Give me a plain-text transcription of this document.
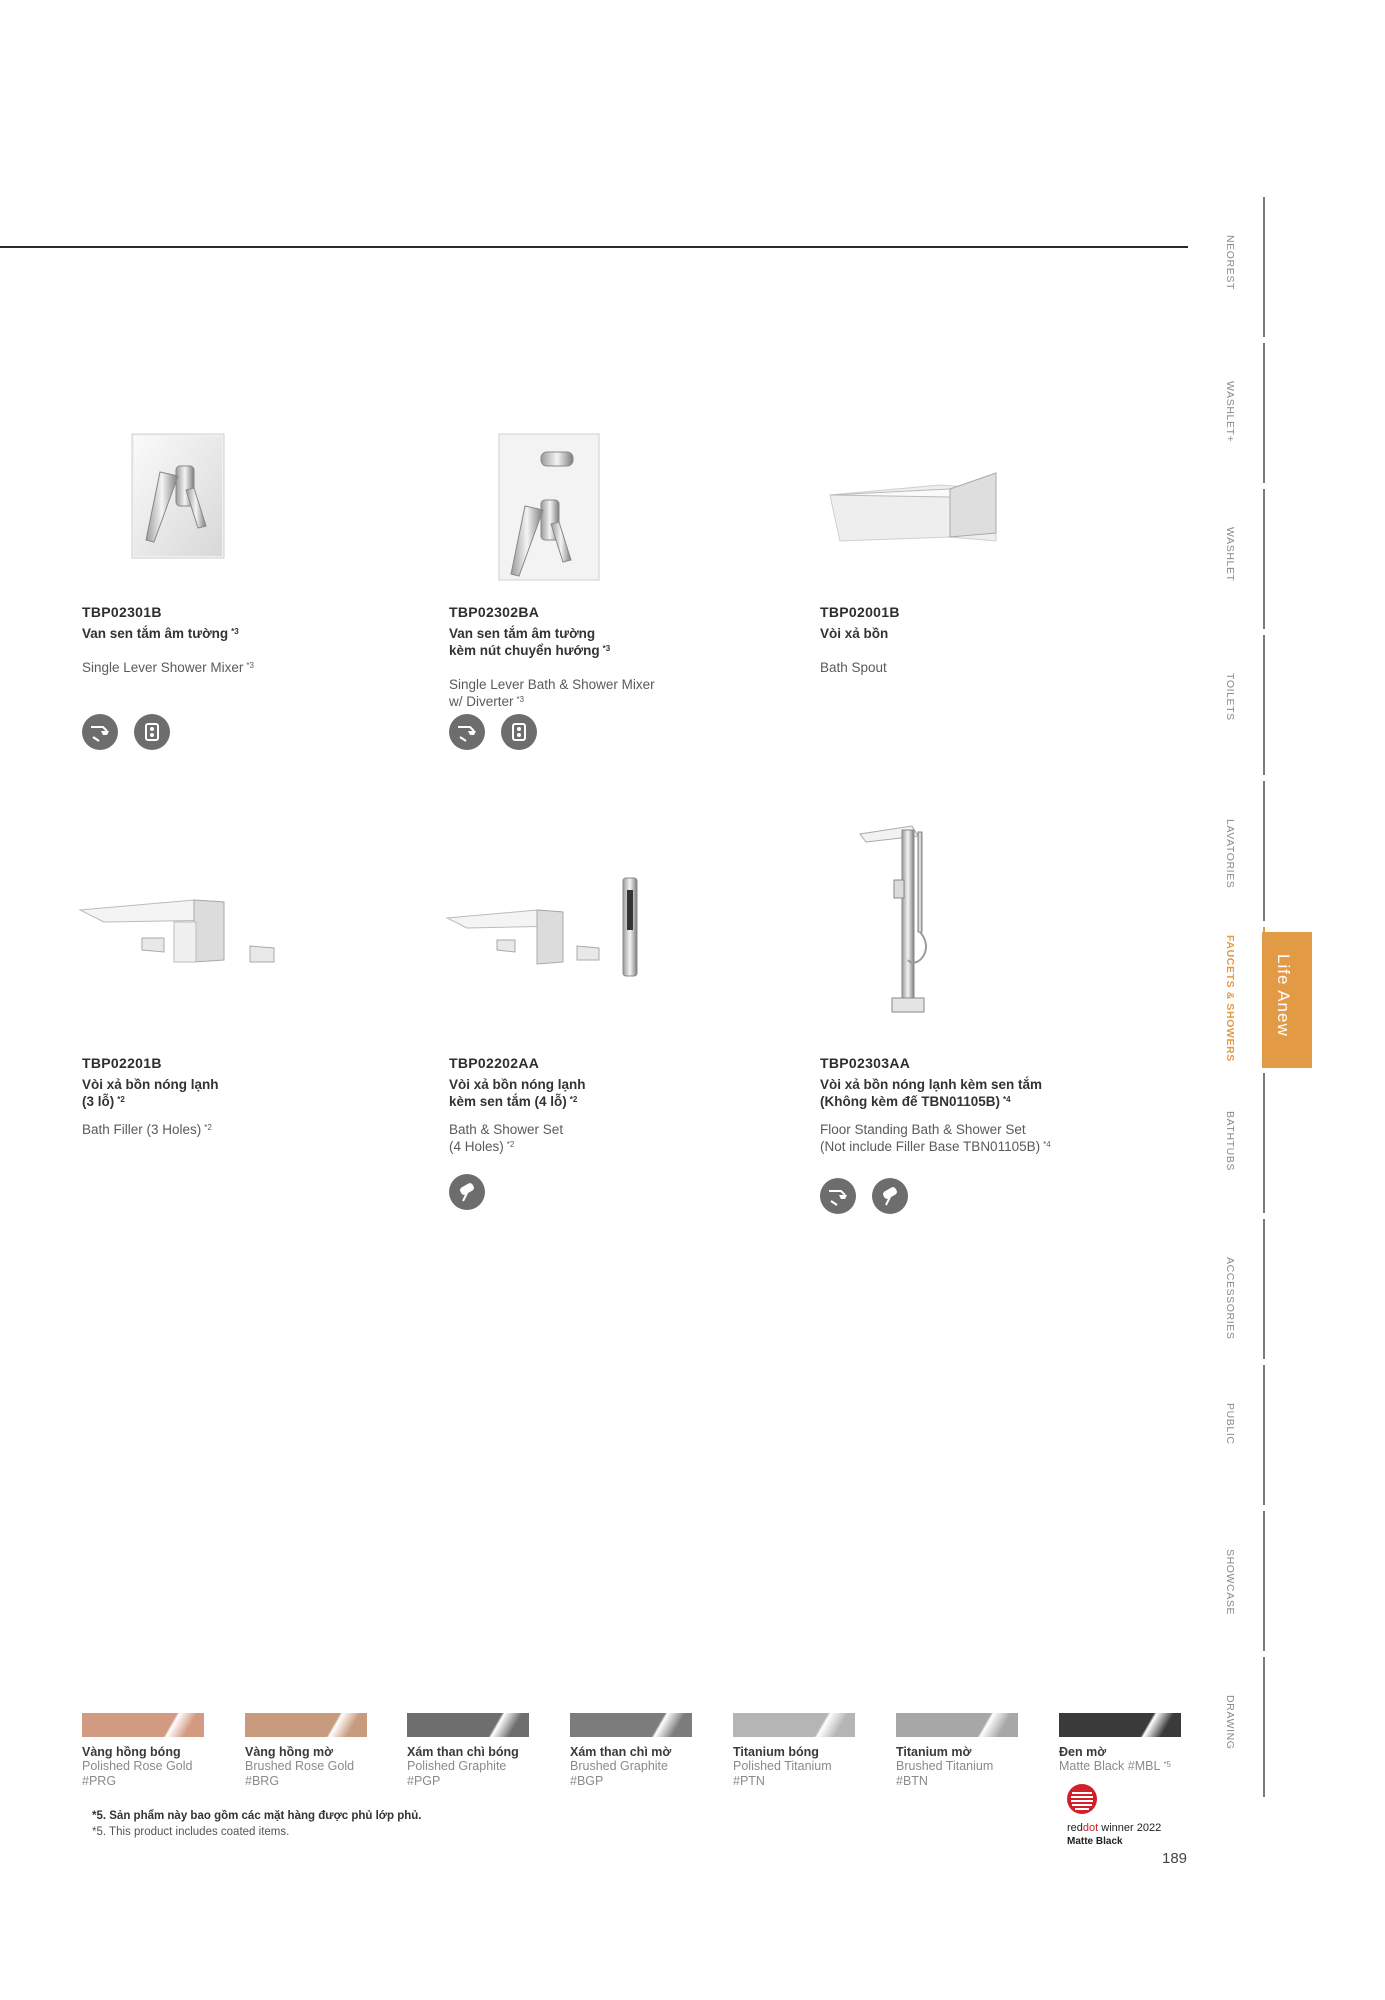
NEOREST
WASHLET+
WASHLET
TOILETS
LAVATORIES
FAUCETS & SHOWERS
BATHTUBS
ACCESSORIES
PUBLIC
SHOWCASE
DRAWING
Life Anew
TBP02301B
Van sen tắm âm tường $^{*3}$
Single Lever Shower Mixer $^{*3}$
TBP02302BA
Van sen tắm âm tường
kèm nút chuyển hướng $^{*3}$
Single Lever Bath & Shower Mixer
w/ Diverter $^{*3}$
TBP02001B
Vòi xả bồn
Bath Spout
TBP02201B
Vòi xả bồn nóng lạnh
(3 lỗ) $^{*2}$
Bath Filler (3 Holes) $^{*2}$
TBP02202AA
Vòi xả bồn nóng lạnh
kèm sen tắm (4 lỗ) $^{*2}$
Bath & Shower Set
(4 Holes) $^{*2}$
TBP02303AA
Vòi xả bồn nóng lạnh kèm sen tắm
(Không kèm đế TBN01105B) $^{*4}$
Floor Standing Bath & Shower Set
(Not include Filler Base TBN01105B) $^{*4}$
Vàng hồng bóng
Polished Rose Gold
#PRG
Vàng hồng mờ
Brushed Rose Gold
#BRG
Xám than chì bóng
Polished Graphite
#PGP
Xám than chì mờ
Brushed Graphite
#BGP
Titanium bóng
Polished Titanium
#PTN
Titanium mờ
Brushed Titanium
#BTN
Đen mờ
Matte Black #MBL $^{*5}$
*5. Sản phẩm này bao gồm các mặt hàng được phủ lớp phủ.
*5. This product includes coated items.	reddot winner 2022
Matte Black
189
